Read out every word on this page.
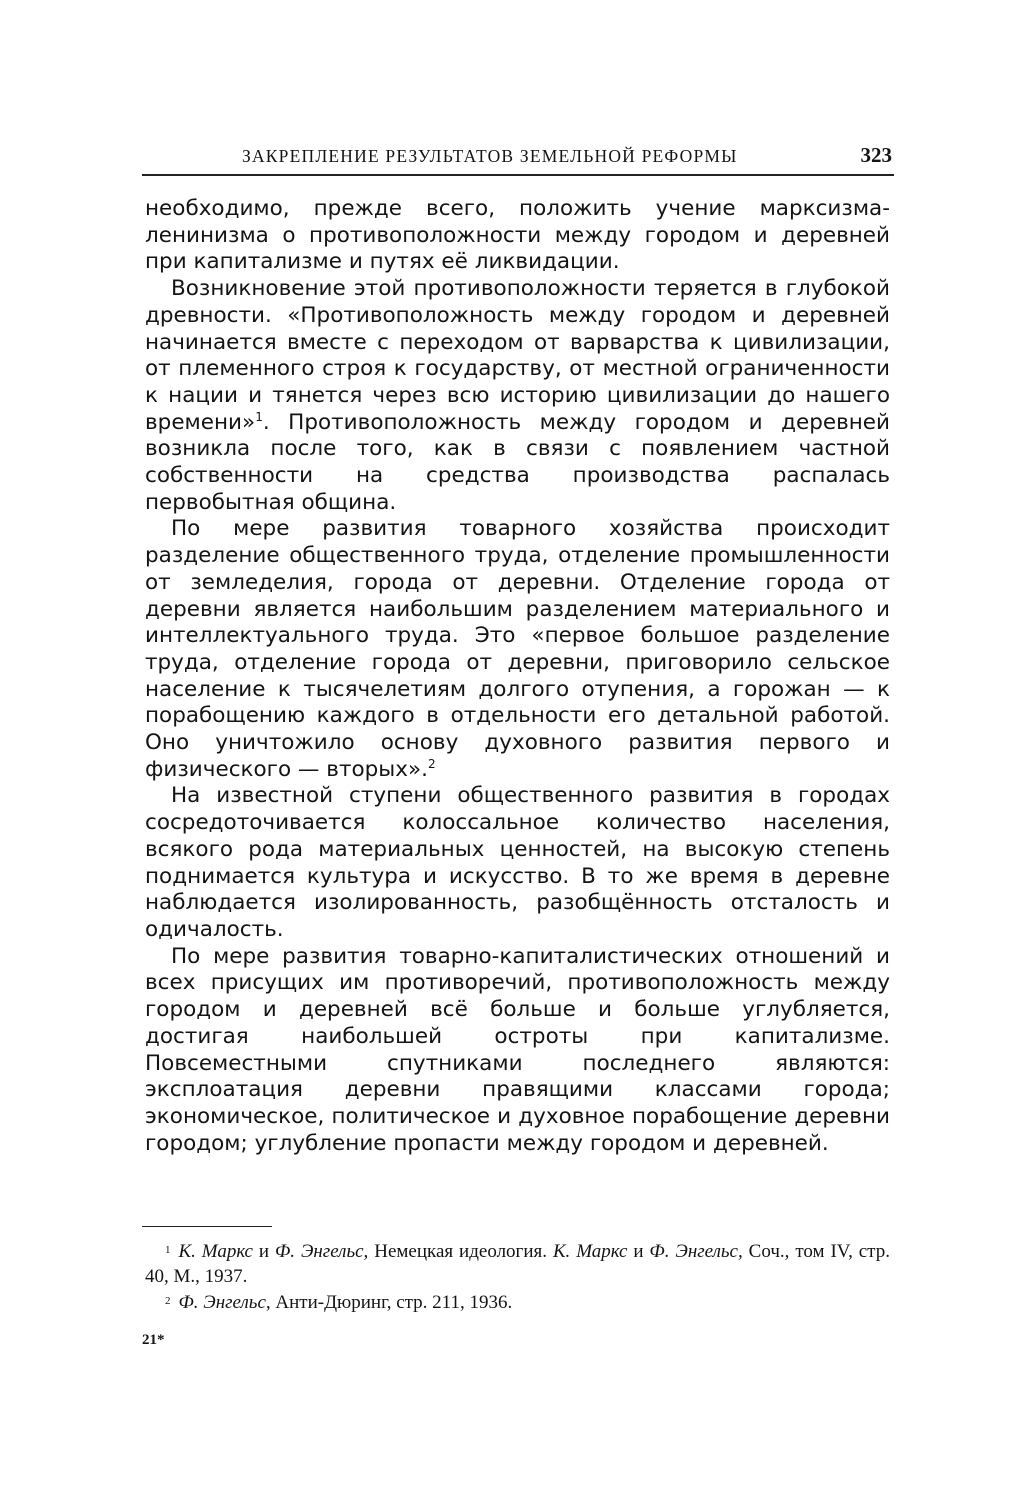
ЗАКРЕПЛЕНИЕ РЕЗУЛЬТАТОВ ЗЕМЕЛЬНОЙ РЕФОРМЫ	323

необходимо, прежде всего, положить учение марксизма-ленинизма о противоположности между городом и деревней при капитализме и путях её ликвидации.

Возникновение этой противоположности теряется в глубокой древности. «Противоположность между городом и деревней начинается вместе с переходом от варварства к цивилизации, от племенного строя к государству, от местной ограниченности к нации и тянется через всю историю цивилизации до нашего времени»$^1$. Противоположность между городом и деревней возникла после того, как в связи с появлением частной собственности на средства производства распалась первобытная община.

По мере развития товарного хозяйства происходит разделение общественного труда, отделение промышленности от земледелия, города от деревни. Отделение города от деревни является наибольшим разделением материального и интеллектуального труда. Это «первое большое разделение труда, отделение города от деревни, приговорило сельское население к тысячелетиям долгого отупения, а горожан — к порабощению каждого в отдельности его детальной работой. Оно уничтожило основу духовного развития первого и физического — вторых».$^2$

На известной ступени общественного развития в городах сосредоточивается колоссальное количество населения, всякого рода материальных ценностей, на высокую степень поднимается культура и искусство. В то же время в деревне наблюдается изолированность, разобщённость отсталость и одичалость.

По мере развития товарно-капиталистических отношений и всех присущих им противоречий, противоположность между городом и деревней всё больше и больше углубляется, достигая наибольшей остроты при капитализме. Повсеместными спутниками последнего являются: эксплоатация деревни правящими классами города; экономическое, политическое и духовное порабощение деревни городом; углубление пропасти между городом и деревней.

$^1$ К. Маркс и Ф. Энгельс, Немецкая идеология. К. Маркс и Ф. Энгельс, Соч., том IV, стр. 40, М., 1937.

$^2$ Ф. Энгельс, Анти-Дюринг, стр. 211, 1936.

21*
